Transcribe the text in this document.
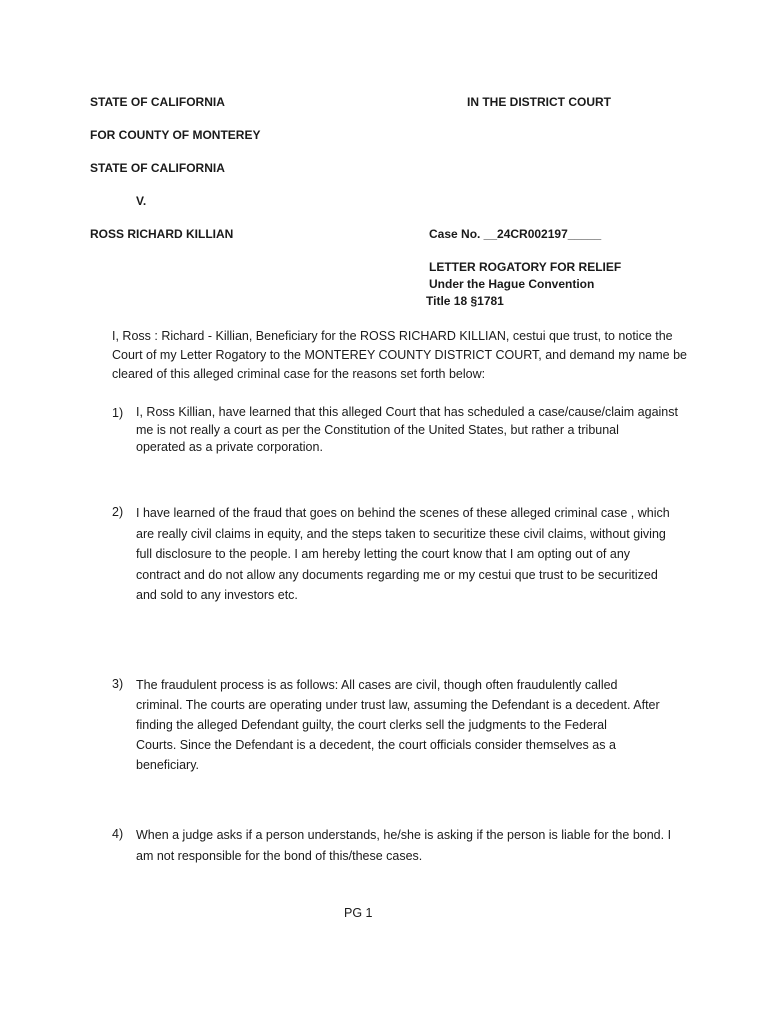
STATE OF CALIFORNIA	IN THE DISTRICT COURT
FOR COUNTY OF MONTEREY
STATE OF CALIFORNIA
V.
ROSS RICHARD KILLIAN	Case No. __24CR002197_____
LETTER ROGATORY FOR RELIEF
Under the Hague Convention
Title 18 §1781
I, Ross : Richard - Killian, Beneficiary for the ROSS RICHARD KILLIAN, cestui que trust, to notice the
Court of my Letter Rogatory to the MONTEREY COUNTY DISTRICT COURT, and demand my name be
cleared of this alleged criminal case for the reasons set forth below:
1) I, Ross Killian, have learned that this alleged Court that has scheduled a case/cause/claim against
me is not really a court as per the Constitution of the United States, but rather a tribunal
operated as a private corporation.
2) I have learned of the fraud that goes on behind the scenes of these alleged criminal case , which
are really civil claims in equity, and the steps taken to securitize these civil claims, without giving
full disclosure to the people. I am hereby letting the court know that I am opting out of any
contract and do not allow any documents regarding me or my cestui que trust to be securitized
and sold to any investors etc.
3) The fraudulent process is as follows: All cases are civil, though often fraudulently called
criminal. The courts are operating under trust law, assuming the Defendant is a decedent. After
finding the alleged Defendant guilty, the court clerks sell the judgments to the Federal
Courts. Since the Defendant is a decedent, the court officials consider themselves as a
beneficiary.
4) When a judge asks if a person understands, he/she is asking if the person is liable for the bond. I
am not responsible for the bond of this/these cases.
PG 1
